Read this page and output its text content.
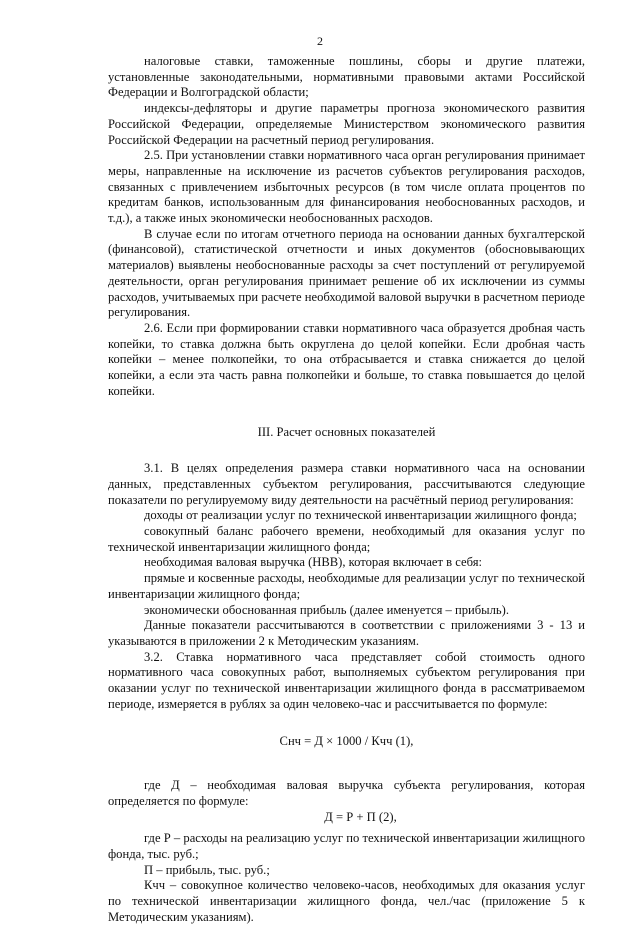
2

налоговые ставки, таможенные пошлины, сборы и другие платежи, установленные законодательными, нормативными правовыми актами Российской Федерации и Волгоградской области;

индексы-дефляторы и другие параметры прогноза экономического развития Российской Федерации, определяемые Министерством экономического развития Российской Федерации на расчетный период регулирования.

2.5. При установлении ставки нормативного часа орган регулирования принимает меры, направленные на исключение из расчетов субъектов регулирования расходов, связанных с привлечением избыточных ресурсов (в том числе оплата процентов по кредитам банков, использованным для финансирования необоснованных расходов, и т.д.), а также иных экономически необоснованных расходов.

В случае если по итогам отчетного периода на основании данных бухгалтерской (финансовой), статистической отчетности и иных документов (обосновывающих материалов) выявлены необоснованные расходы за счет поступлений от регулируемой деятельности, орган регулирования принимает решение об их исключении из суммы расходов, учитываемых при расчете необходимой валовой выручки в расчетном периоде регулирования.

2.6. Если при формировании ставки нормативного часа образуется дробная часть копейки, то ставка должна быть округлена до целой копейки. Если дробная часть копейки – менее полкопейки, то она отбрасывается и ставка снижается до целой копейки, а если эта часть равна полкопейки и больше, то ставка повышается до целой копейки.

III. Расчет основных показателей

3.1. В целях определения размера ставки нормативного часа на основании данных, представленных субъектом регулирования, рассчитываются следующие показатели по регулируемому виду деятельности на расчётный период регулирования:

доходы от реализации услуг по технической инвентаризации жилищного фонда;

совокупный баланс рабочего времени, необходимый для оказания услуг по технической инвентаризации жилищного фонда;

необходимая валовая выручка (НВВ), которая включает в себя:

прямые и косвенные расходы, необходимые для реализации услуг по технической инвентаризации жилищного фонда;

экономически обоснованная прибыль (далее именуется – прибыль).

Данные показатели рассчитываются в соответствии с приложениями 3 - 13 и указываются в приложении 2 к Методическим указаниям.

3.2. Ставка нормативного часа представляет собой стоимость одного нормативного часа совокупных работ, выполняемых субъектом регулирования при оказании услуг по технической инвентаризации жилищного фонда в рассматриваемом периоде, измеряется в рублях за один человеко-час и рассчитывается по формуле:

Снч = Д × 1000 / Кчч (1),

где Д – необходимая валовая выручка субъекта регулирования, которая определяется по формуле:

Д = Р + П (2),

где Р – расходы на реализацию услуг по технической инвентаризации жилищного фонда, тыс. руб.;

П – прибыль, тыс. руб.;

Кчч – совокупное количество человеко-часов, необходимых для оказания услуг по технической инвентаризации жилищного фонда, чел./час (приложение 5 к Методическим указаниям).
